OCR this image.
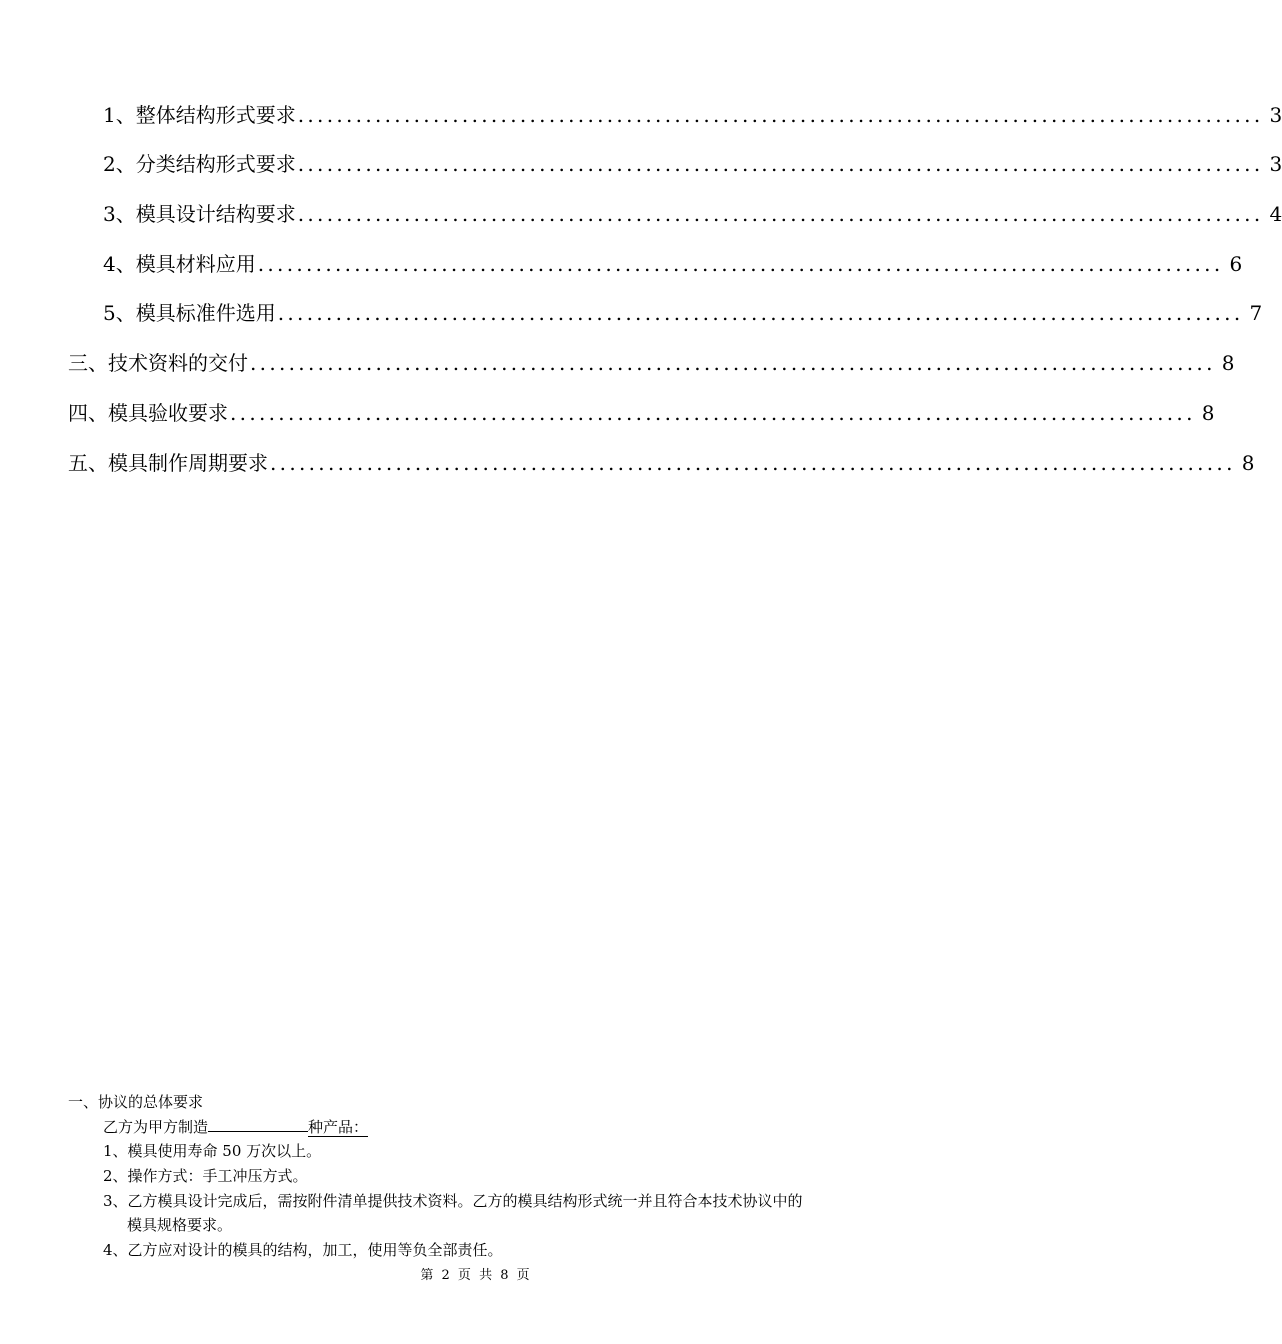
1、整体结构形式要求 .................................................................................................... 3
2、分类结构形式要求 .................................................................................................... 3
3、模具设计结构要求 .................................................................................................... 4
4、模具材料应用 .................................................................................................... 6
5、模具标准件选用 .................................................................................................... 7
三、技术资料的交付 .................................................................................................... 8
四、模具验收要求 .................................................................................................... 8
五、模具制作周期要求 .................................................................................................... 8
一、协议的总体要求
乙方为甲方制造	种产品：
1、模具使用寿命 50 万次以上。
2、操作方式：手工冲压方式。
3、乙方模具设计完成后，需按附件清单提供技术资料。乙方的模具结构形式统一并且符合本技术协议中的
模具规格要求。
4、乙方应对设计的模具的结构，加工，使用等负全部责任。
第 2 页 共 8 页
